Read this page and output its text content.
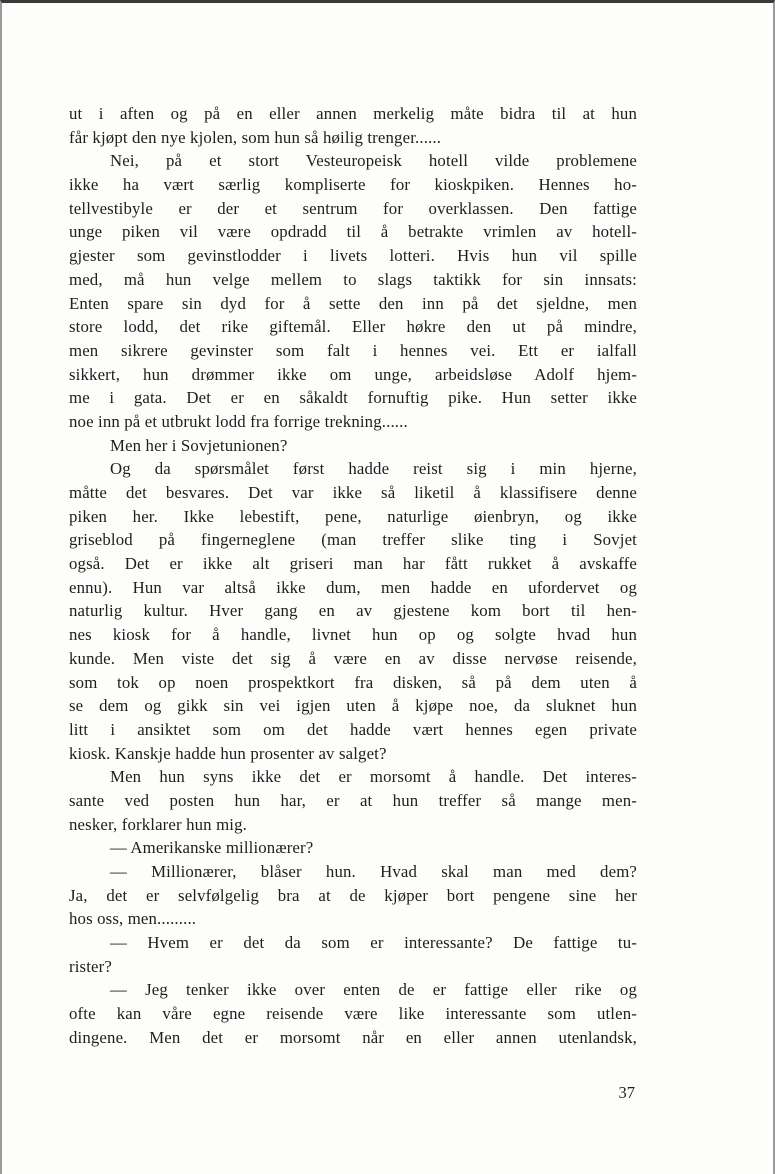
ut i aften og på en eller annen merkelig måte bidra til at hun
får kjøpt den nye kjolen, som hun så høilig trenger......
Nei, på et stort Vesteuropeisk hotell vilde problemene
ikke ha vært særlig kompliserte for kioskpiken. Hennes ho-
tellvestibyle er der et sentrum for overklassen. Den fattige
unge piken vil være opdradd til å betrakte vrimlen av hotell-
gjester som gevinstlodder i livets lotteri. Hvis hun vil spille
med, må hun velge mellem to slags taktikk for sin innsats:
Enten spare sin dyd for å sette den inn på det sjeldne, men
store lodd, det rike giftemål. Eller høkre den ut på mindre,
men sikrere gevinster som falt i hennes vei. Ett er ialfall
sikkert, hun drømmer ikke om unge, arbeidsløse Adolf hjem-
me i gata. Det er en såkaldt fornuftig pike. Hun setter ikke
noe inn på et utbrukt lodd fra forrige trekning......
Men her i Sovjetunionen?
Og da spørsmålet først hadde reist sig i min hjerne,
måtte det besvares. Det var ikke så liketil å klassifisere denne
piken her. Ikke lebestift, pene, naturlige øienbryn, og ikke
griseblod på fingerneglene (man treffer slike ting i Sovjet
også. Det er ikke alt griseri man har fått rukket å avskaffe
ennu). Hun var altså ikke dum, men hadde en ufordervet og
naturlig kultur. Hver gang en av gjestene kom bort til hen-
nes kiosk for å handle, livnet hun op og solgte hvad hun
kunde. Men viste det sig å være en av disse nervøse reisende,
som tok op noen prospektkort fra disken, så på dem uten å
se dem og gikk sin vei igjen uten å kjøpe noe, da sluknet hun
litt i ansiktet som om det hadde vært hennes egen private
kiosk. Kanskje hadde hun prosenter av salget?
Men hun syns ikke det er morsomt å handle. Det interes-
sante ved posten hun har, er at hun treffer så mange men-
nesker, forklarer hun mig.
— Amerikanske millionærer?
— Millionærer, blåser hun. Hvad skal man med dem?
Ja, det er selvfølgelig bra at de kjøper bort pengene sine her
hos oss, men.........
— Hvem er det da som er interessante? De fattige tu-
rister?
— Jeg tenker ikke over enten de er fattige eller rike og
ofte kan våre egne reisende være like interessante som utlen-
dingene. Men det er morsomt når en eller annen utenlandsk,
37
